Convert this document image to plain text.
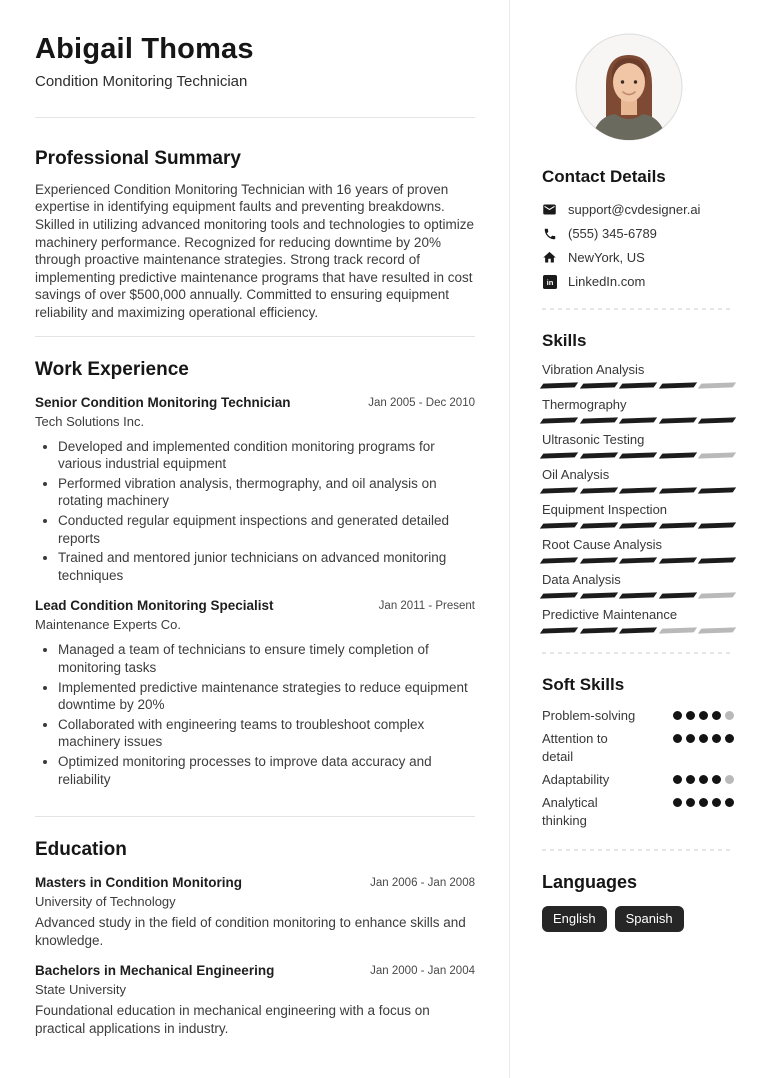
Abigail Thomas
Condition Monitoring Technician
Professional Summary
Experienced Condition Monitoring Technician with 16 years of proven expertise in identifying equipment faults and preventing breakdowns. Skilled in utilizing advanced monitoring tools and technologies to optimize machinery performance. Recognized for reducing downtime by 20% through proactive maintenance strategies. Strong track record of implementing predictive maintenance programs that have resulted in cost savings of over $500,000 annually. Committed to ensuring equipment reliability and maximizing operational efficiency.
Work Experience
Senior Condition Monitoring Technician	Jan 2005 - Dec 2010
Tech Solutions Inc.
• Developed and implemented condition monitoring programs for various industrial equipment
• Performed vibration analysis, thermography, and oil analysis on rotating machinery
• Conducted regular equipment inspections and generated detailed reports
• Trained and mentored junior technicians on advanced monitoring techniques
Lead Condition Monitoring Specialist	Jan 2011 - Present
Maintenance Experts Co.
• Managed a team of technicians to ensure timely completion of monitoring tasks
• Implemented predictive maintenance strategies to reduce equipment downtime by 20%
• Collaborated with engineering teams to troubleshoot complex machinery issues
• Optimized monitoring processes to improve data accuracy and reliability
Education
Masters in Condition Monitoring	Jan 2006 - Jan 2008
University of Technology
Advanced study in the field of condition monitoring to enhance skills and knowledge.
Bachelors in Mechanical Engineering	Jan 2000 - Jan 2004
State University
Foundational education in mechanical engineering with a focus on practical applications in industry.
Contact Details
support@cvdesigner.ai
(555) 345-6789
NewYork, US
in LinkedIn.com
Skills
Vibration Analysis
Thermography
Ultrasonic Testing
Oil Analysis
Equipment Inspection
Root Cause Analysis
Data Analysis
Predictive Maintenance
Soft Skills
Problem-solving
Attention to detail
Adaptability
Analytical thinking
Languages
English	Spanish
